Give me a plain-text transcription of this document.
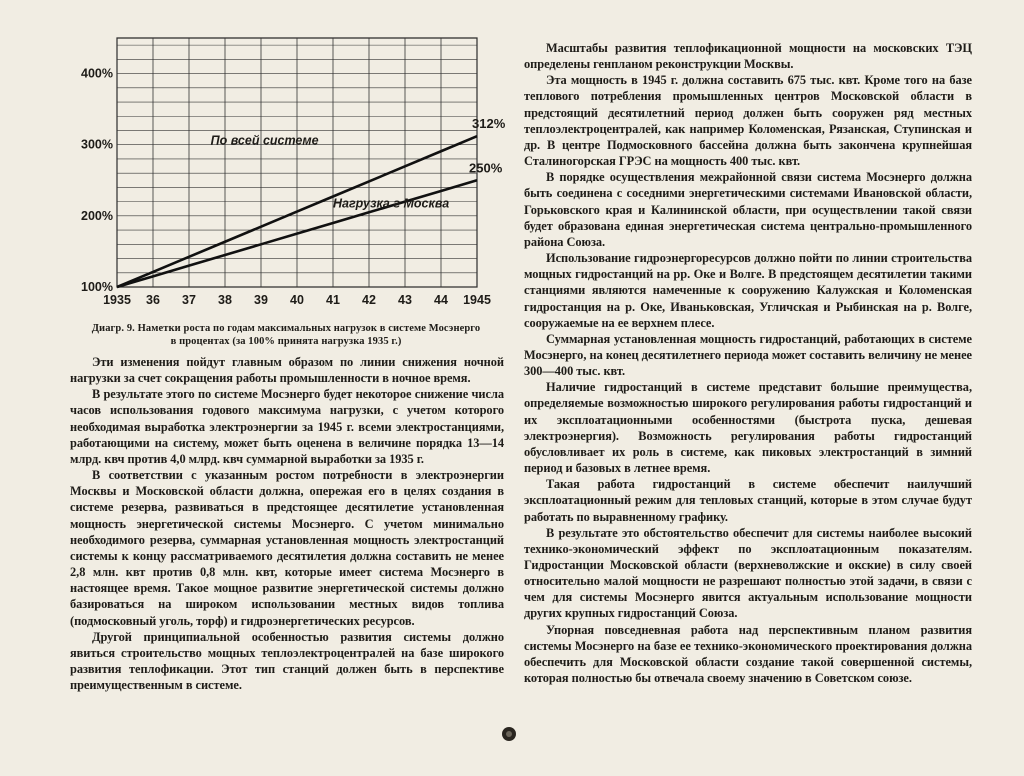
100%
200%
300%
400%
1935 36 37 38 39 40 41 42 43 44 1945
По всей системе
312%
Нагрузка г Москва
250%
Диагр. 9. Наметки роста по годам максимальных нагрузок в системе Мосэнерго
в процентах (за 100% принята нагрузка 1935 г.)

Эти изменения пойдут главным образом по линии снижения ночной нагрузки за счет сокращения работы промышленности в ночное время.

В результате этого по системе Мосэнерго будет некоторое снижение числа часов использования годового максимума нагрузки, с учетом которого необходимая выработка электроэнергии за 1945 г. всеми электростанциями, работающими на систему, может быть оценена в величине порядка 13—14 млрд. квч против 4,0 млрд. квч суммарной выработки за 1935 г.

В соответствии с указанным ростом потребности в электроэнергии Москвы и Московской области должна, опережая его в целях создания в системе резерва, развиваться в предстоящее десятилетие установленная мощность энергетической системы Мосэнерго. С учетом минимально необходимого резерва, суммарная установленная мощность электростанций системы к концу рассматриваемого десятилетия должна составить не менее 2,8 млн. квт против 0,8 млн. квт, которые имеет система Мосэнерго в настоящее время. Такое мощное развитие энергетической системы должно базироваться на широком использовании местных видов топлива (подмосковный уголь, торф) и гидроэнергетических ресурсов.

Другой принципиальной особенностью развития системы должно явиться строительство мощных теплоэлектроцентралей на базе широкого развития теплофикации. Этот тип станций должен быть в перспективе преимущественным в системе.

Масштабы развития теплофикационной мощности на московских ТЭЦ определены генпланом реконструкции Москвы.

Эта мощность в 1945 г. должна составить 675 тыс. квт. Кроме того на базе теплового потребления промышленных центров Московской области в предстоящий десятилетний период должен быть сооружен ряд местных теплоэлектроцентралей, как например Коломенская, Рязанская, Ступинская и др. В центре Подмосковного бассейна должна быть закончена крупнейшая Сталиногорская ГРЭС на мощность 400 тыс. квт.

В порядке осуществления межрайонной связи система Мосэнерго должна быть соединена с соседними энергетическими системами Ивановской области, Горьковского края и Калининской области, при осуществлении такой связи будет образована единая энергетическая система центрально-промышленного района Союза.

Использование гидроэнергоресурсов должно пойти по линии строительства мощных гидростанций на рр. Оке и Волге. В предстоящем десятилетии такими станциями являются намеченные к сооружению Калужская и Коломенская гидростанция на р. Оке, Иваньковская, Угличская и Рыбинская на р. Волге, сооружаемые на ее верхнем плесе.

Суммарная установленная мощность гидростанций, работающих в системе Мосэнерго, на конец десятилетнего периода может составить величину не менее 300—400 тыс. квт.

Наличие гидростанций в системе представит большие преимущества, определяемые возможностью широкого регулирования работы гидростанций и их эксплоатационными особенностями (быстрота пуска, дешевая электроэнергия). Возможность регулирования работы гидростанций обусловливает их роль в системе, как пиковых электростанций в зимний период и базовых в летнее время.

Такая работа гидростанций в системе обеспечит наилучший эксплоатационный режим для тепловых станций, которые в этом случае будут работать по выравненному графику.

В результате это обстоятельство обеспечит для системы наиболее высокий технико-экономический эффект по эксплоатационным показателям. Гидростанции Московской области (верхневолжские и окские) в силу своей относительно малой мощности не разрешают полностью этой задачи, в связи с чем для системы Мосэнерго явится актуальным использование мощности других крупных гидростанций Союза.

Упорная повседневная работа над перспективным планом развития системы Мосэнерго на базе ее технико-экономического проектирования должна обеспечить для Московской области создание такой совершенной системы, которая полностью бы отвечала своему значению в Советском союзе.
